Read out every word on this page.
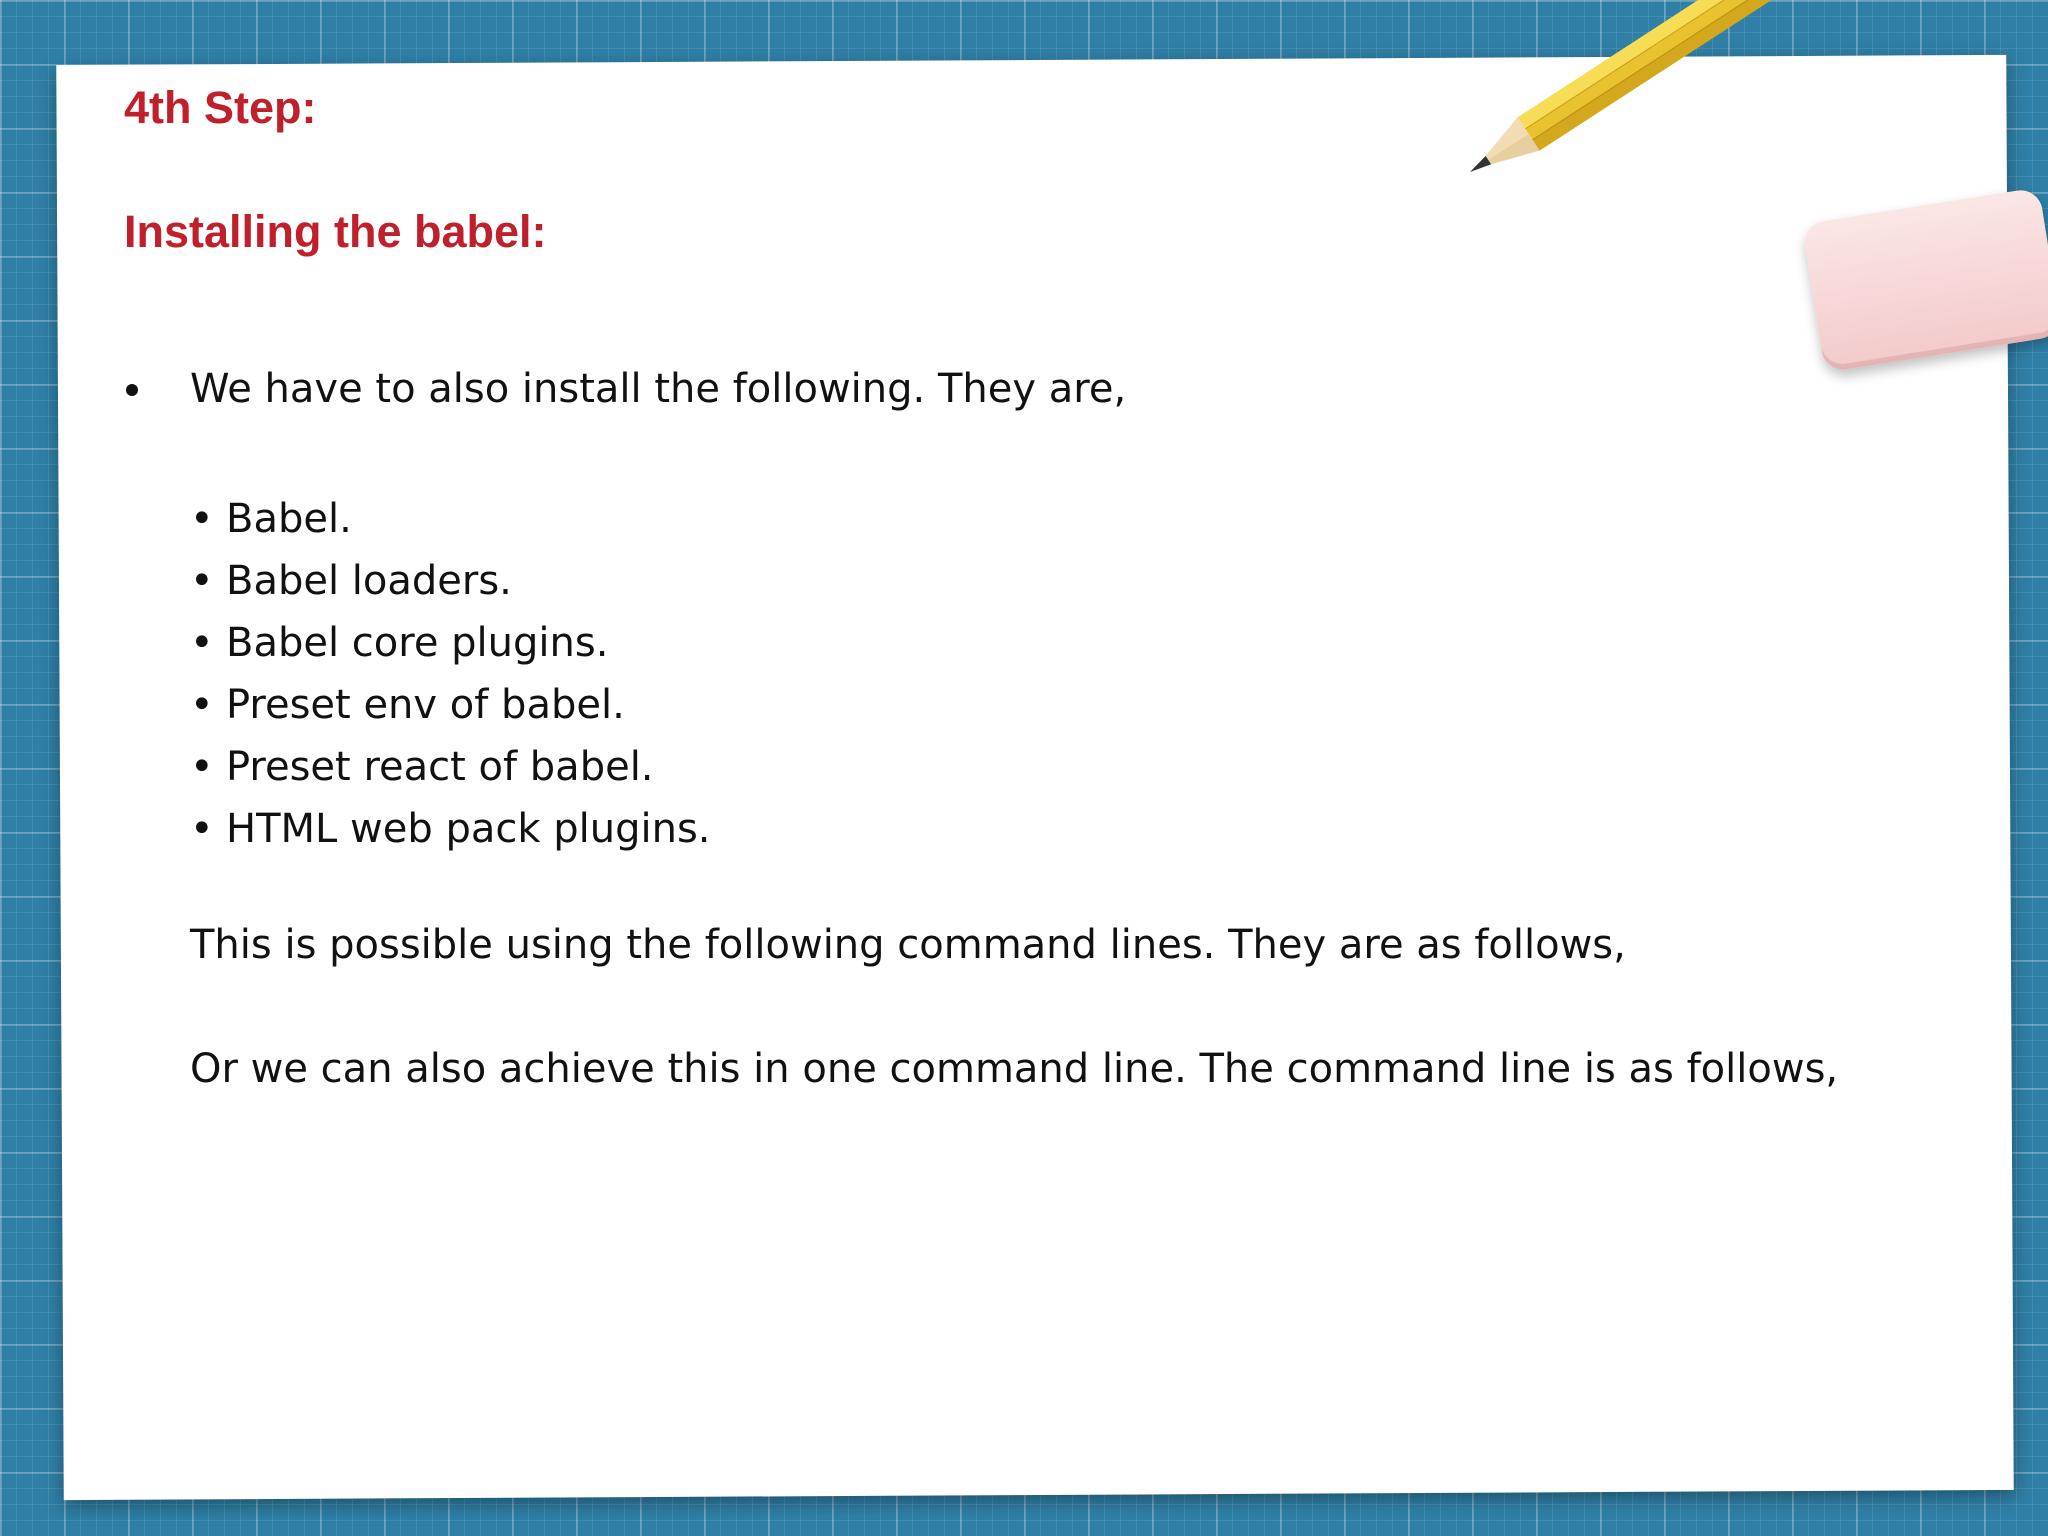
4th Step:
Installing the babel:
We have to also install the following. They are,
• Babel.
• Babel loaders.
• Babel core plugins.
• Preset env of babel.
• Preset react of babel.
• HTML web pack plugins.
This is possible using the following command lines. They are as follows,
Or we can also achieve this in one command line. The command line is as follows,
